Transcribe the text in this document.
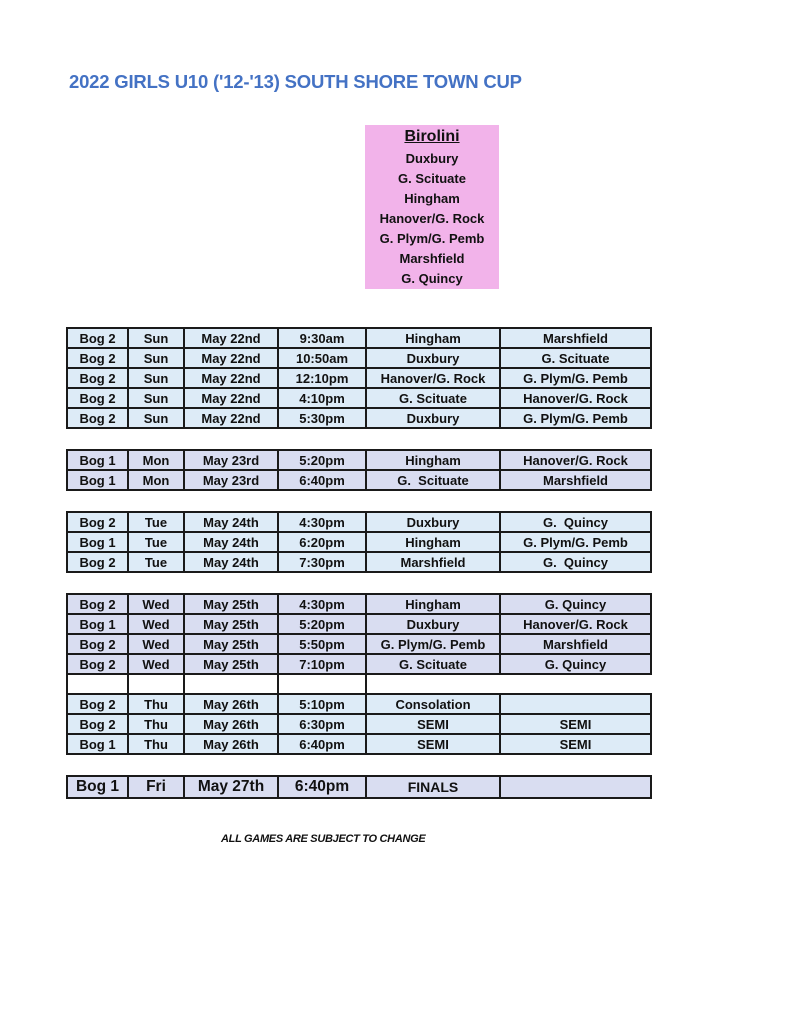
2022 GIRLS U10 ('12-'13) SOUTH SHORE TOWN CUP
Birolini
Duxbury
G. Scituate
Hingham
Hanover/G. Rock
G. Plym/G. Pemb
Marshfield
G. Quincy
Bog 2	Sun	May 22nd	9:30am	Hingham	Marshfield
Bog 2	Sun	May 22nd	10:50am	Duxbury	G. Scituate
Bog 2	Sun	May 22nd	12:10pm	Hanover/G. Rock	G. Plym/G. Pemb
Bog 2	Sun	May 22nd	4:10pm	G. Scituate	Hanover/G. Rock
Bog 2	Sun	May 22nd	5:30pm	Duxbury	G. Plym/G. Pemb

Bog 1	Mon	May 23rd	5:20pm	Hingham	Hanover/G. Rock
Bog 1	Mon	May 23rd	6:40pm	G.  Scituate	Marshfield

Bog 2	Tue	May 24th	4:30pm	Duxbury	G.  Quincy
Bog 1	Tue	May 24th	6:20pm	Hingham	G. Plym/G. Pemb
Bog 2	Tue	May 24th	7:30pm	Marshfield	G.  Quincy

Bog 2	Wed	May 25th	4:30pm	Hingham	G. Quincy
Bog 1	Wed	May 25th	5:20pm	Duxbury	Hanover/G. Rock
Bog 2	Wed	May 25th	5:50pm	G. Plym/G. Pemb	Marshfield
Bog 2	Wed	May 25th	7:10pm	G. Scituate	G. Quincy

Bog 2	Thu	May 26th	5:10pm	Consolation	
Bog 2	Thu	May 26th	6:30pm	SEMI	SEMI
Bog 1	Thu	May 26th	6:40pm	SEMI	SEMI

Bog 1	Fri	May 27th	6:40pm	FINALS	
ALL GAMES ARE SUBJECT TO CHANGE
